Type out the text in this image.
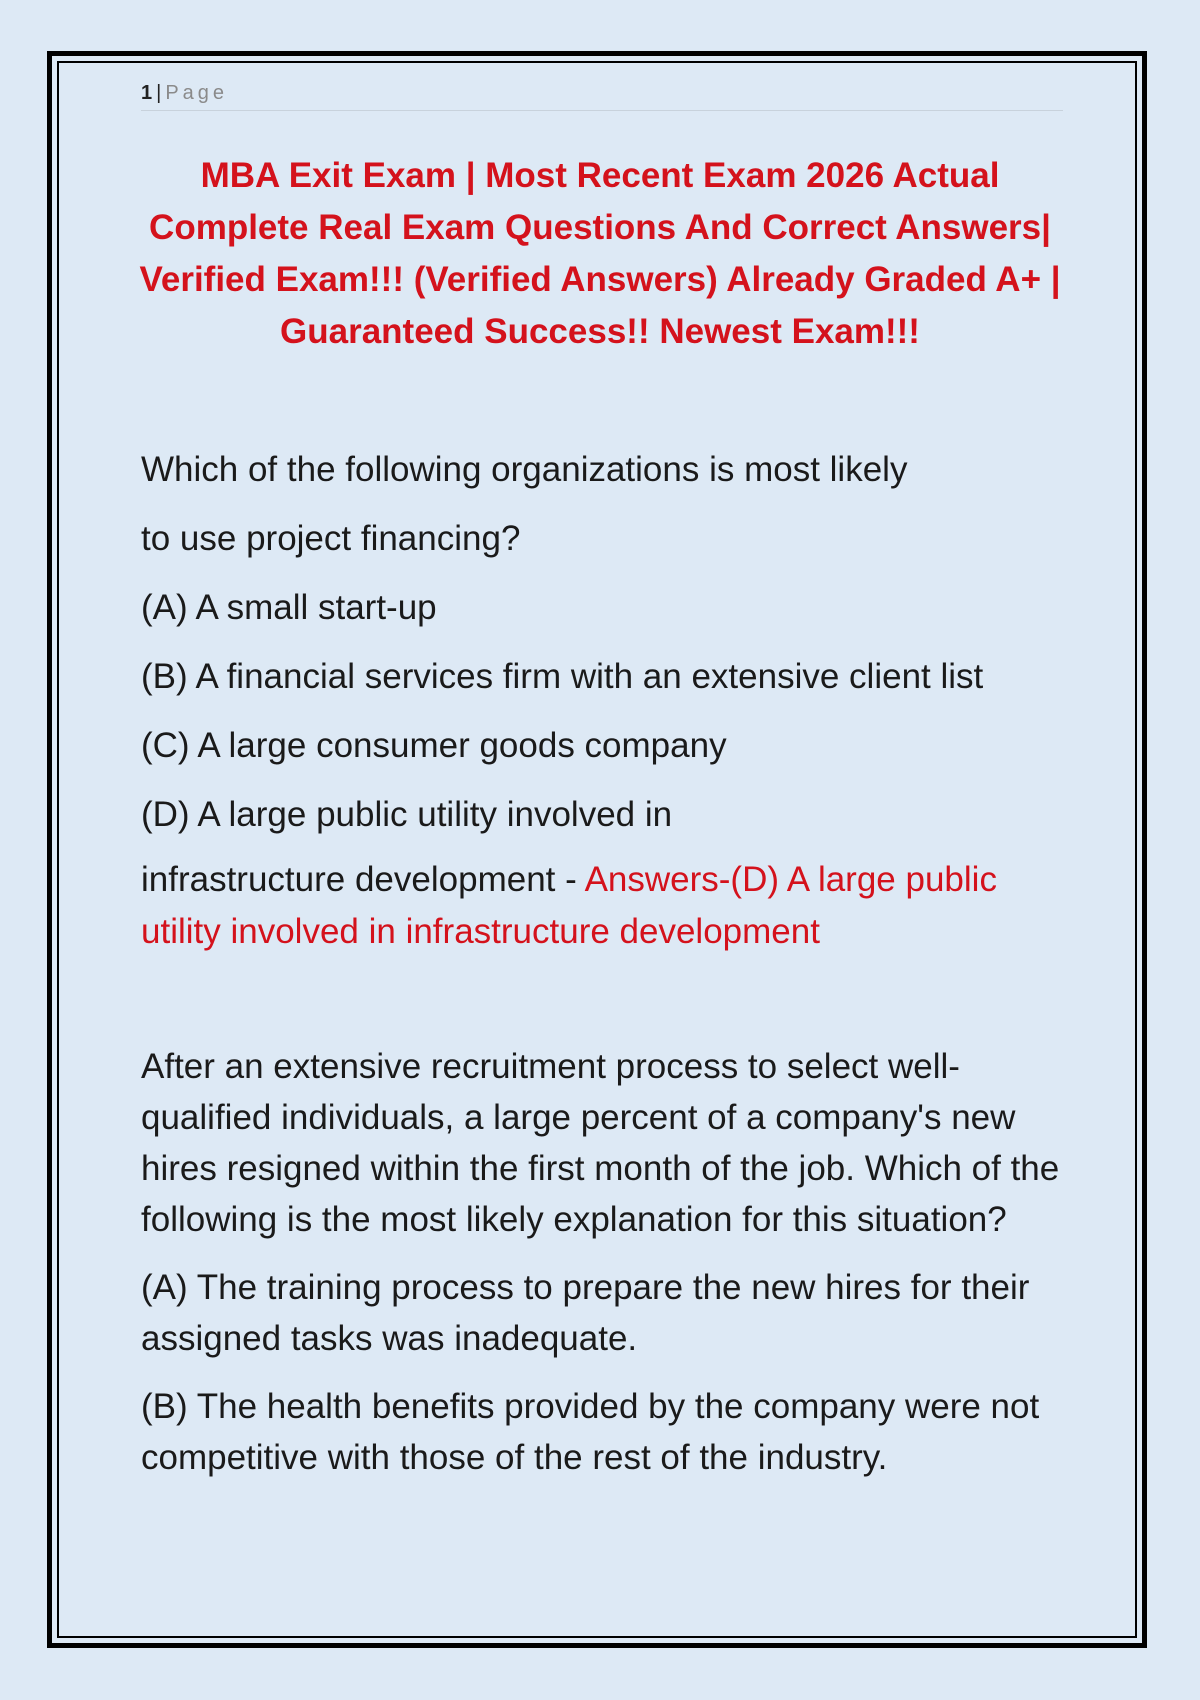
1 | Page
MBA Exit Exam | Most Recent Exam 2026 Actual Complete Real Exam Questions And Correct Answers| Verified Exam!!! (Verified Answers) Already Graded A+ | Guaranteed Success!! Newest Exam!!!
Which of the following organizations is most likely
to use project financing?
(A) A small start-up
(B) A financial services firm with an extensive client list
(C) A large consumer goods company
(D) A large public utility involved in
infrastructure development - Answers-(D) A large public utility involved in infrastructure development

After an extensive recruitment process to select well-qualified individuals, a large percent of a company's new hires resigned within the first month of the job. Which of the following is the most likely explanation for this situation?

(A) The training process to prepare the new hires for their assigned tasks was inadequate.

(B) The health benefits provided by the company were not competitive with those of the rest of the industry.
